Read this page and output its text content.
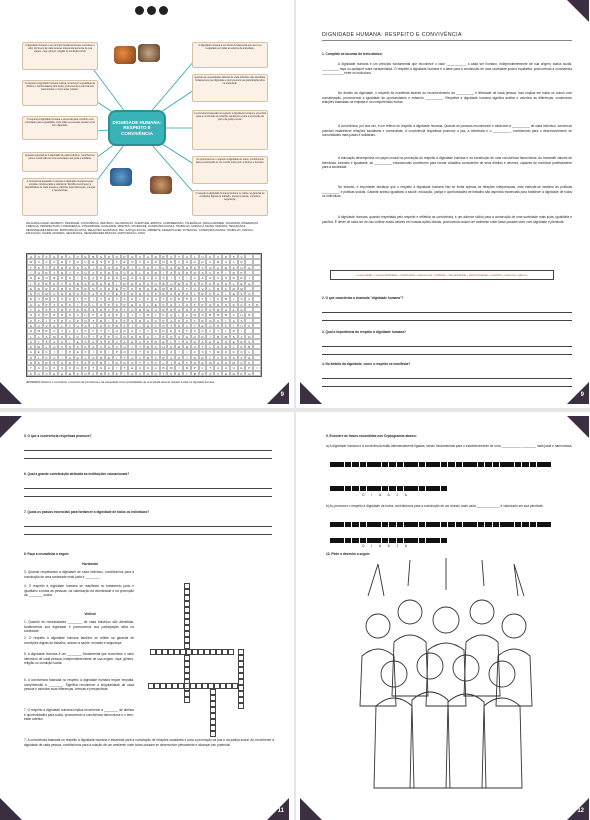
9
DIGNIDADE HUMANA: RESPEITO E CONVIVÊNCIA
A dignidade humana é um princípio fundamental que reconhece o valor intrínseco de cada pessoa, independentemente de sua origem, raça, gênero, religião ou condição social.
O respeito à dignidade humana implica reconhecer a igualdade de direitos e oportunidades para todos, promovendo a convivência harmoniosa e o bem-estar coletivo.
O respeito à dignidade humana é essencial para construir uma sociedade justa e igualitária, onde todas as pessoas possam viver com dignidade.
Quando respeitamos a dignidade de cada indivíduo, contribuímos para a construção de uma sociedade mais justa e solidária.
A convivência baseada no respeito à dignidade humana requer empatia, compreensão e tolerância. Significa reconhecer a singularidade de cada pessoa e valorizar suas diferenças, crenças e perspectivas.
A dignidade humana é um direito fundamental que deve ser respeitado em todas as esferas da sociedade.
Quando as necessidades básicas de cada indivíduo são atendidas, fortalecemos sua dignidade e promovemos sua participação ativa na sociedade.
A convivência baseada no respeito à dignidade humana é essencial para a construção de relações saudáveis e para a promoção da paz e da justiça social.
Ao promovermos o respeito à dignidade de todos, contribuímos para a construção de um mundo mais justo, inclusivo e humano.
O respeito à dignidade humana também se reflete na garantia de condições dignas de trabalho, acesso à saúde, moradia e segurança.
PALAVRAS-CHAVE: RESPEITO, DIGNIDADE, CONVIVÊNCIA, INDIVÍDUO, VALORIZAÇÃO, PLENITUDE, EMPATIA, COMPREENSÃO, TOLERÂNCIA, SINGULARIDADE, VALORIZAR, DIFERENÇAS, CRENÇAS, PERSPECTIVAS, FUNDAMENTAL, INTEGRIDADE, IGUALDADE, DIREITOS, SOCIEDADE, CONDIÇÕES DIGNAS, TRABALHO, ACESSO À SAÚDE, MORADIA, SEGURANÇA, NECESSIDADES BÁSICAS, PARTICIPAÇÃO ATIVA, RELAÇÕES SAUDÁVEIS, PAZ, JUSTIÇA SOCIAL, AMBIENTE, DESENVOLVER, POTENCIAL, CONDIÇÕES DIGNAS, TRABALHO, ACESSO, EDUCAÇÃO, SAÚDE, MORADIA, SEGURANÇA, NECESSIDADES BÁSICAS, PARTICIPAÇÃO, ATIVA.
H	N	F	G	R	L	U	E	B	G	D	N	D	D	C	A	D	R	C	T	A	L	U	K	X	P	S	V
W	X	C	C	R	T	H	U	E	S	P	T	E	O	V	A	R	N	E	V	N	G	D	C	B	A	L	P
T	S	Y	Z	R	P	S	A	I	C	N	A	E	I	L	D	I	C	S	W	S	S	T	O	A	B	Z	N	G
I	H	R	J	N	J	V	H	A	K	D	N	V	A	L	O	R	I	Z	A	O	D	S	C	P	I	R	P
N	E	O	B	N	S	I	D	A	D	E	S	R	A	S	C	A	S	I	J	I	C	A	D	U	N	R	R	I
I	P	R	K	T	C	B	S	D	G	R	I	R	D	U	C	O	B	U	W	K	S	K	P	O	N	L	E	G
E	R	R	P	B	Z	R	R	N	C	O	E	P	P	N	G	E	M	B	L	T	C	V	L	R	F	R	M
S	O	M	C	R	R	N	C	A	S	T	E	Z	R	D	U	P	R	A	D	U	L	R	P	A	I	E	S	O
E	U	M	T	S	K	T	P	I	V	N	V	A	E	L	K	A	T	D	R	P	U	T	I	F	M	L	S	A
A	A	P	T	H	K	I	O	L	K	P	A	P	E	C	L	E	K	A	J	U	T	P	R	G	Q	D	C	T	P
Y	A	X	T	R	P	R	R	S	O	V	D	T	H	R	W	U	R	R	A	N	K	K	O	M	H	F	G
O	S	P	R	R	N	U	U	P	G	G	R	I	J	Y	R	Y	P	Q	L	A	M	S	B	M	M	C	H	R
Z	T	I	T	P	V	P	N	T	R	I	F	P	S	D	A	O	P	A	P	C	T	R	N	C	I	A	S
G	U	V	A	L	T	U	A	I	A	K	D	F	I	I	G	C	O	T	O	L	Y	E	U	P	F	I	U	F
H	M	R	C	T	L	L	P	F	T	T	H	G	S	T	Y	N	D	E	S	T	S	N	V	Y	L	R	I
L	L	A	M	C	L	O	U	I	Z	P	C	O	R	N	A	I	P	O	U	G	O	R	I	B	M	S	J	D
A	Y	Z	A	K	I	E	O	A	S	O	C	A	E	V	P	M	E	L	Y	U	D	A	E	E	S	E	R	S
S	W	L	U	V	N	X	K	C	V	A	V	U	I	Y	M	C	H	F	E	D	U	T	L	N	E	L	P	B
A	E	C	I	I	P	E	X	I	D	I	P	O	F	T	D	L	I	Z	I	I	C	S	Y	M	O	O	O	L
Q	I	P	C	I	U	D	L	O	M	E	I	T	U	V	M	V	R	A	Z	I	R	D	L	V	K	S	F	R
N	S	R	S	A	D	T	A	O	B	I	N	D	O	T	J	C	L	I	A	T	N	E	M	A	Q	M	U	F
T	A	C	X	S	O	G	Z	T	N	A	I	T	E	U	C	A	B	M	I	R	P	L	T	A	A	U	E	P	I
K	U	X	E	H	E	Z	N	A	M	F	K	I	G	V	C	O	T	K	E	I	B	O	Z	V	E	R	K	H
(EF09ER09) Discernir e reconhecer o exercício da convivência e da cooperação como possibilidades de uma atitude ativa de respeito à vida e à dignidade humana.
9
DIGNIDADE HUMANA: RESPEITO E CONVIVÊNCIA
1. Complete as lacunas do texto abaixo:
A dignidade humana é um princípio fundamental que reconhece o valor ___________ a cada ser humano, independentemente de sua origem, status social, _________, raça ou qualquer outra característica. O respeito à dignidade humana é a base para a construção de uma sociedade justa e equitativa, promovendo a convivência ____________ entre os indivíduos.
No âmbito da dignidade, o respeito se manifesta através do reconhecimento da __________ e liberdade de cada pessoa. Isso implica em tratar os outros com consideração, promovendo a igualdade de oportunidades e evitando __________. Respeitar a dignidade humana significa aceitar e valorizar as diferenças, construindo relações baseadas na empatia e na compreensão mútua.
A convivência, por sua vez, é um reflexo do respeito à dignidade humana. Quando as pessoas reconhecem e valorizam a __________ de cada indivíduo, tornam-se possível estabelecer relações saudáveis e construtivas. A convivência respeitosa promove a paz, a tolerância e o __________, contribuindo para o desenvolvimento de comunidades mais justas e solidárias.
A educação desempenha um papel crucial na promoção do respeito à dignidade humana e na construção de uma convivência harmoniosa. Ao transmitir valores de tolerância, inclusão e igualdade, as __________ educacionais contribuem para formar cidadãos conscientes de seus direitos e deveres, capazes de contribuir positivamente para a sociedade.
No entanto, é importante destacar que o respeito à dignidade humana não se limita apenas às relações interpessoais, mas estende-se também às políticas __________ e práticas sociais. Garantir acesso igualitário à saúde, educação, justiça e oportunidades de trabalho são aspectos essenciais para fortalecer a dignidade de todos os indivíduos.
A dignidade humana, quando respeitada pelo respeito e refletida na convivência, é um alicerce sólido para a construção de uma sociedade mais justa, igualitária e pacífica. É dever de cada um de nós cultivar esses valores em nossas ações diárias, promovendo assim um ambiente onde todos possam viver com dignidade e plenitude.
cooperação • responsabilidade • instituições • autonomia • públicas • singularidade • discriminações • pacífica • inerente • gênero
2. O que caracteriza a chamada "dignidade humana"?
3. Qual a importância do respeito à dignidade humana?
4. No âmbito da dignidade, como o respeito se manifesta?
11
5. O que a convivência respeitosa promove?
6. Qual a grande contribuição atribuída às instituições educacionais?
7. Quais os passos essenciais para fortalecer a dignidade de todos os indivíduos?
8. Faça a cruzadinha a seguir:
Horizontal
3. Quando respeitamos a dignidade de cada indivíduo, contribuímos para a construção de uma sociedade mais justa e ________.
4. O respeito à dignidade humana se manifesta no tratamento justo e igualitário a todas as pessoas, na valorização da diversidade e na promoção da ________ social.
Vertical
1. Quando as necessidades ________ de cada indivíduo são atendidas, fortalecemos sua dignidade e promovemos sua participação ativa na sociedade.
2. O respeito à dignidade humana também se reflete na garantia de condições dignas de trabalho, acesso à saúde, moradia e segurança.
5. A dignidade humana é um ________ fundamental que reconhece o valor intrínseco de cada pessoa, independentemente de sua origem, raça, gênero, religião ou condição social.
6. A convivência baseada no respeito à dignidade humana requer empatia, compreensão e ________. Significa reconhecer a singularidade de cada pessoa e valorizar suas diferenças, crenças e perspectivas.
7. O respeito à dignidade humana implica reconhecer a ________ de direitos e oportunidades para todos, promovendo a convivência harmoniosa e o bem-estar coletivo.
7. A convivência baseada no respeito à dignidade humana é essencial para a construção de relações saudáveis e para a promoção da paz e da justiça social. Ao reconhecer a dignidade de cada pessoa, contribuímos para a criação de um ambiente onde todos possam se desenvolver plenamente e alcançar seu potencial.
12
9. Encontre as frases escondidas nos Criptogramas abaixo:
a) A dignidade humana e a convivência estão intrinsecamente ligadas, sendo fundamentais para o estabelecimento de uma ___________ ________ mais justa e harmoniosa.
O I A A J A
b) Ao promover o respeito à dignidade de todos, contribuímos para a construção de um mundo onde cada _____________ é valorizado em sua plenitude.
O I A A J A
10. Pinte o desenho a seguir:
